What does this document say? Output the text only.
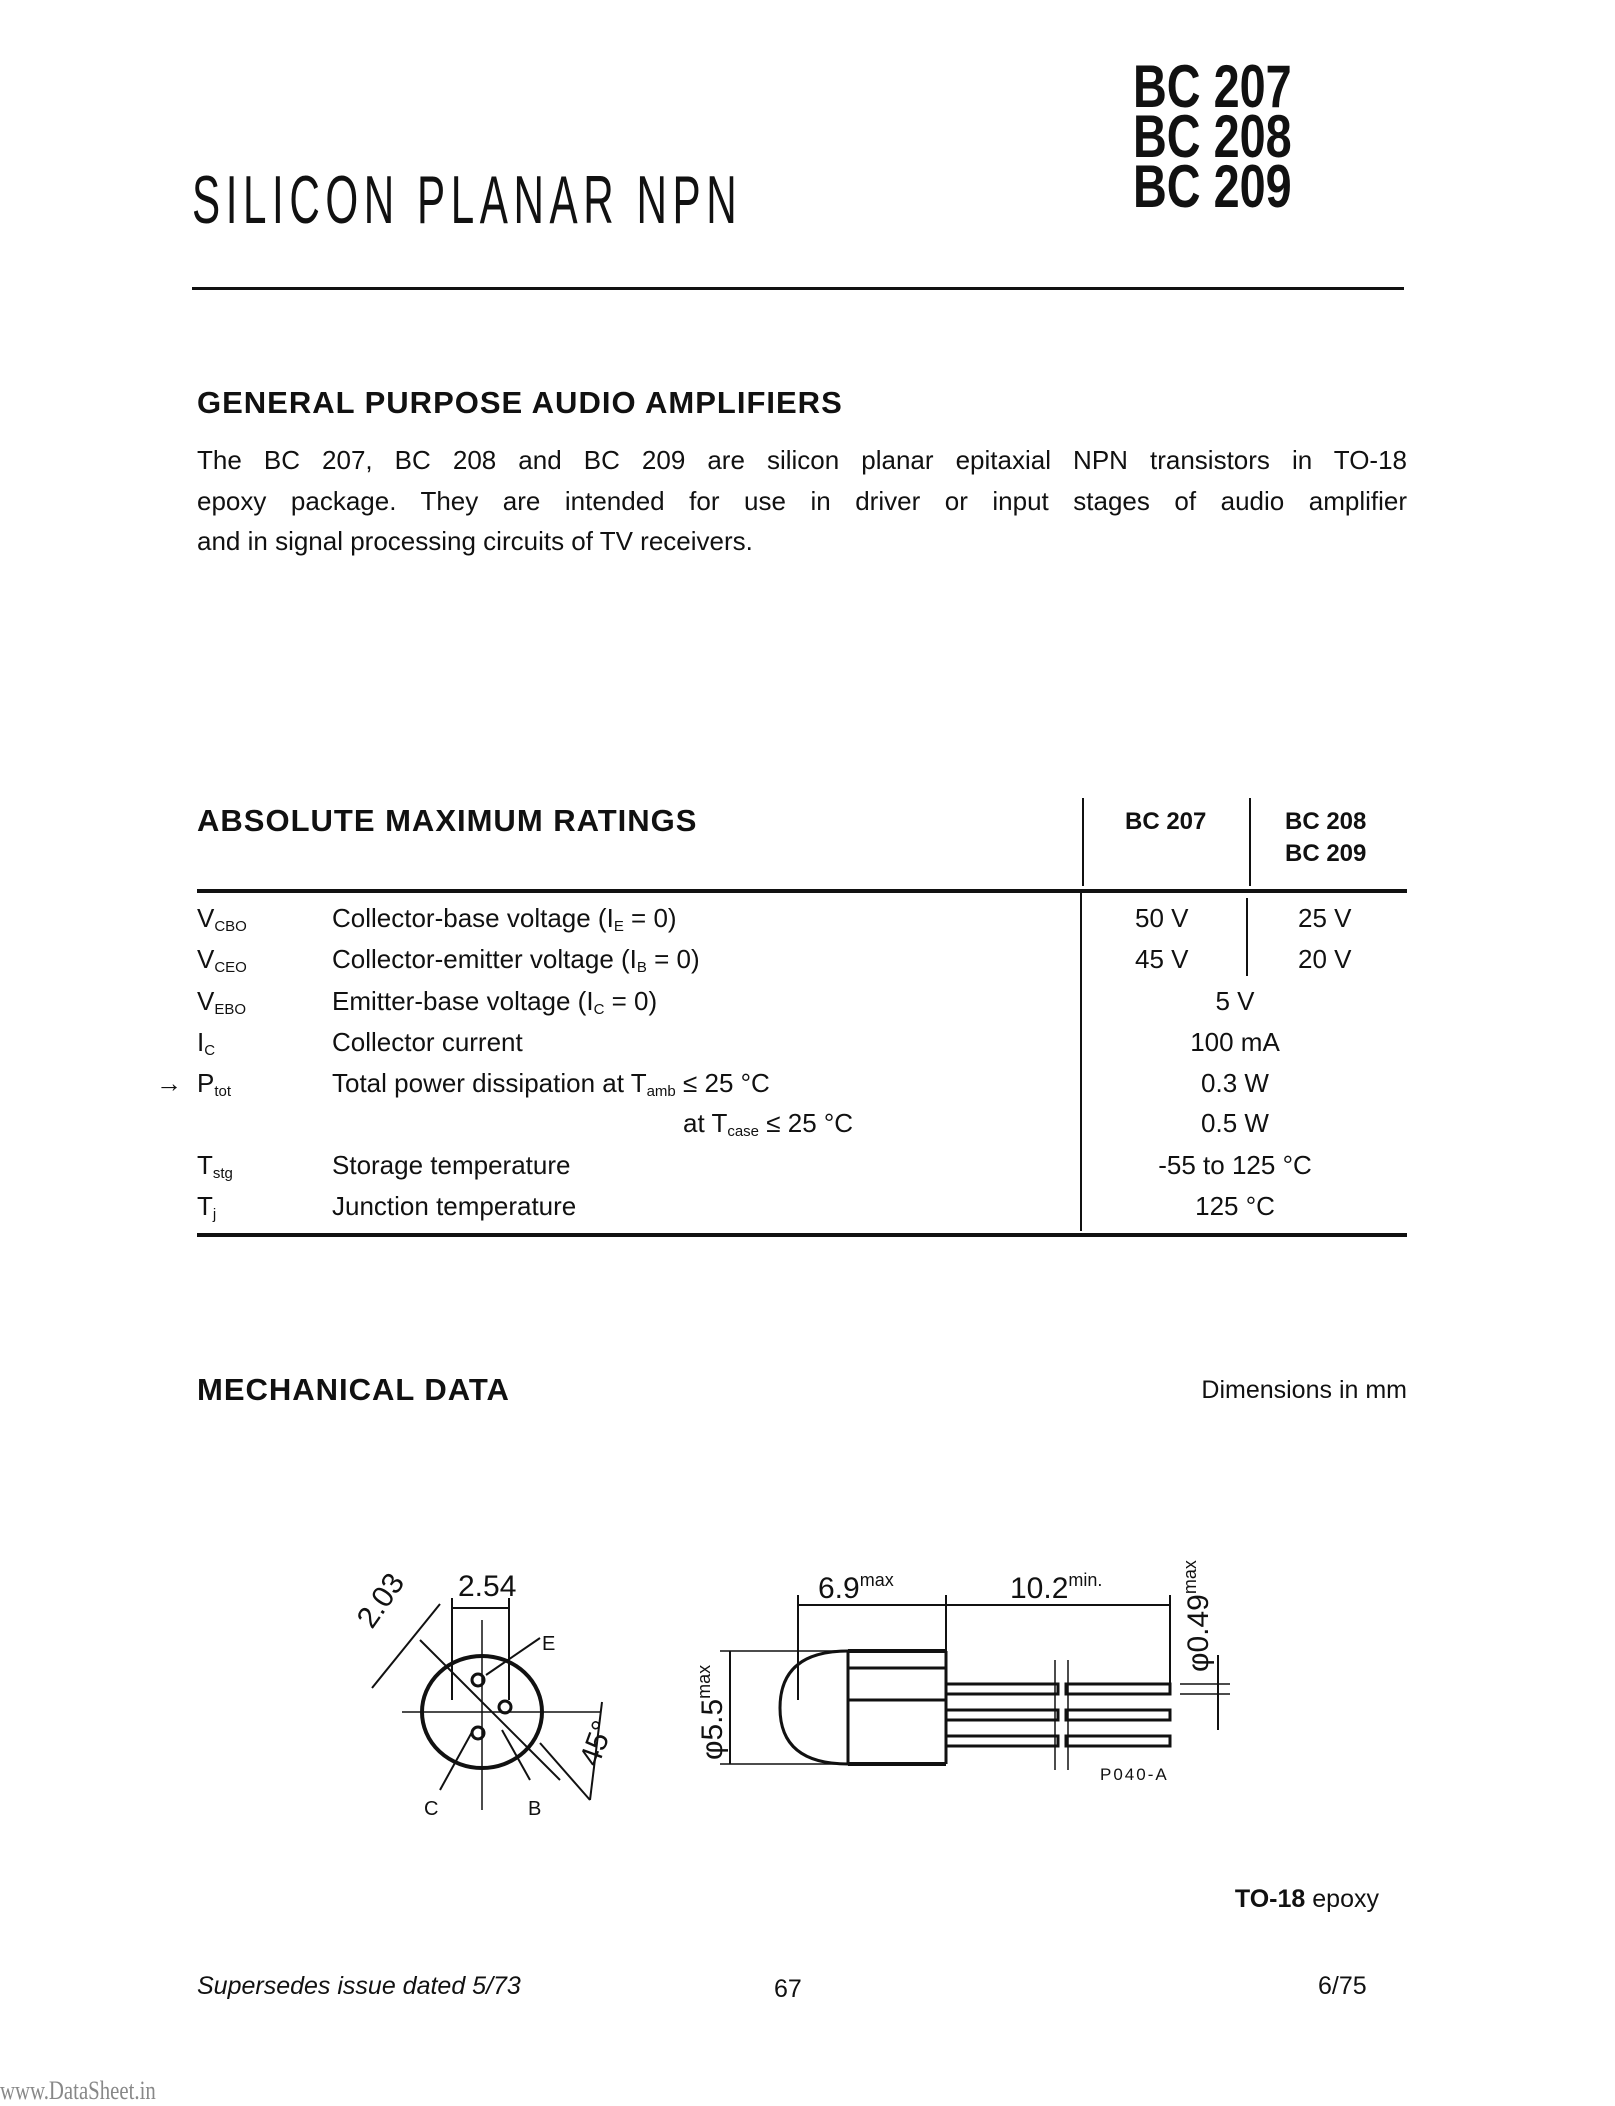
SILICON PLANAR NPN
BC 207
BC 208
BC 209
GENERAL PURPOSE AUDIO AMPLIFIERS
The BC 207, BC 208 and BC 209 are silicon planar epitaxial NPN transistors in TO-18
epoxy package. They are intended for use in driver or input stages of audio amplifier
and in signal processing circuits of TV receivers.
ABSOLUTE MAXIMUM RATINGS	BC 207	BC 208
BC 209
$V_{CBO}$	Collector-base voltage $(I_E = 0)$	50 V	25 V
$V_{CEO}$	Collector-emitter voltage $(I_B = 0)$	45 V	20 V
$V_{EBO}$	Emitter-base voltage $(I_C = 0)$	5 V
$I_C$	Collector current	100 mA
→ $P_{tot}$	Total power dissipation at $T_{amb} \le 25$ °C	0.3 W
at $T_{case} \le 25$ °C	0.5 W
$T_{stg}$	Storage temperature	-55 to 125 °C
$T_j$	Junction temperature	125 °C
MECHANICAL DATA	Dimensions in mm
2.54
2.03
45°
E
C	B
$6.9^{max}$	$10.2^{min.}$
$\varphi 5.5^{max}$
$\varphi 0.49^{max}$
P040-A
TO-18 epoxy
Supersedes issue dated 5/73	67	6/75
www.DataSheet.in
